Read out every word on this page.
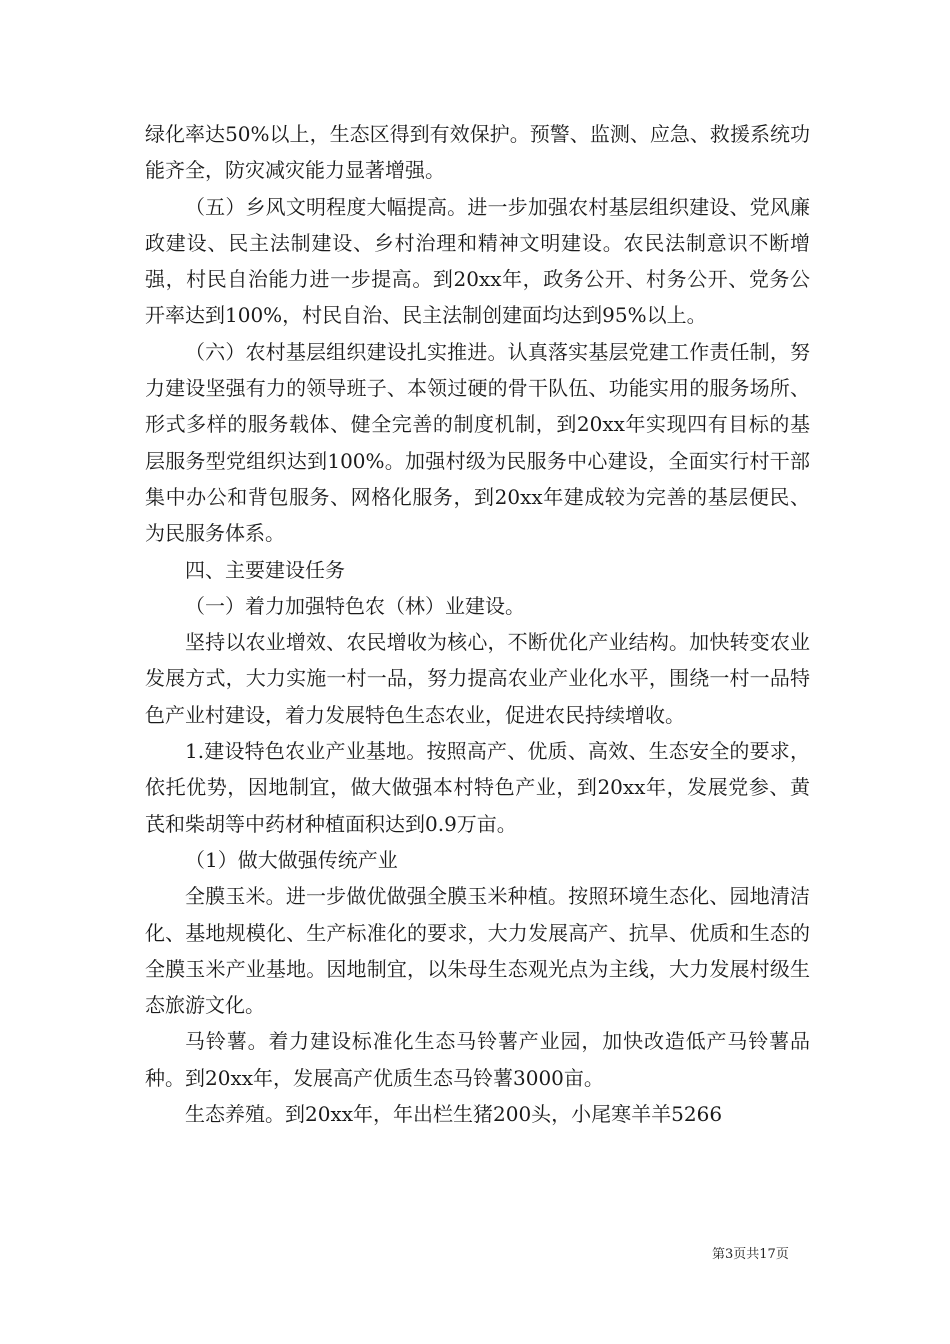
绿化率达50%以上，生态区得到有效保护。预警、监测、应急、救援系统功能齐全，防灾减灾能力显著增强。

（五）乡风文明程度大幅提高。进一步加强农村基层组织建设、党风廉政建设、民主法制建设、乡村治理和精神文明建设。农民法制意识不断增强，村民自治能力进一步提高。到20xx年，政务公开、村务公开、党务公开率达到100%，村民自治、民主法制创建面均达到95%以上。

（六）农村基层组织建设扎实推进。认真落实基层党建工作责任制，努力建设坚强有力的领导班子、本领过硬的骨干队伍、功能实用的服务场所、形式多样的服务载体、健全完善的制度机制，到20xx年实现四有目标的基层服务型党组织达到100%。加强村级为民服务中心建设，全面实行村干部集中办公和背包服务、网格化服务，到20xx年建成较为完善的基层便民、为民服务体系。

四、主要建设任务

（一）着力加强特色农（林）业建设。

坚持以农业增效、农民增收为核心，不断优化产业结构。加快转变农业发展方式，大力实施一村一品，努力提高农业产业化水平，围绕一村一品特色产业村建设，着力发展特色生态农业，促进农民持续增收。

1.建设特色农业产业基地。按照高产、优质、高效、生态安全的要求，依托优势，因地制宜，做大做强本村特色产业，到20xx年，发展党参、黄芪和柴胡等中药材种植面积达到0.9万亩。

（1）做大做强传统产业

全膜玉米。进一步做优做强全膜玉米种植。按照环境生态化、园地清洁化、基地规模化、生产标准化的要求，大力发展高产、抗旱、优质和生态的全膜玉米产业基地。因地制宜，以朱母生态观光点为主线，大力发展村级生态旅游文化。

马铃薯。着力建设标准化生态马铃薯产业园，加快改造低产马铃薯品种。到20xx年，发展高产优质生态马铃薯3000亩。

生态养殖。到20xx年，年出栏生猪200头，小尾寒羊羊5266

第3页共17页
